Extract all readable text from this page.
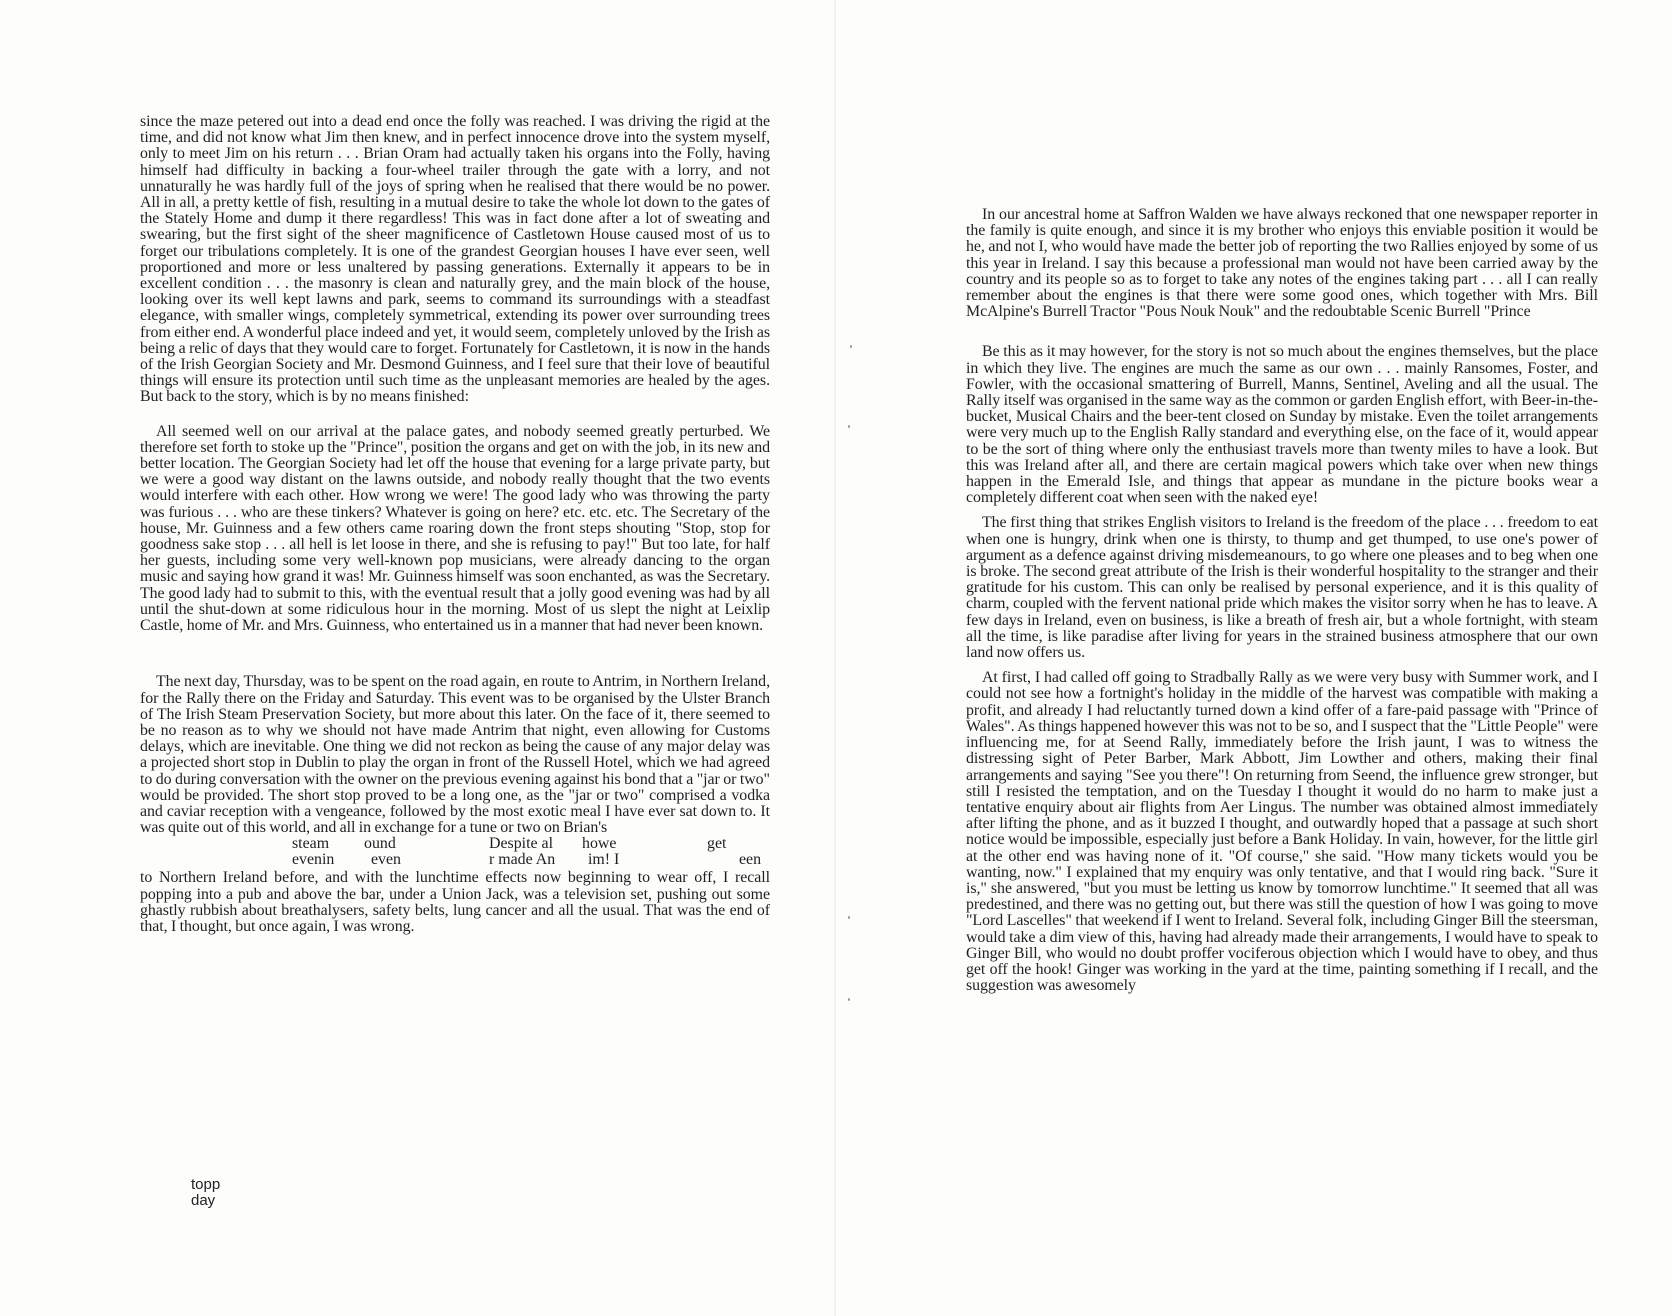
since the maze petered out into a dead end once the folly was reached. I was driving the rigid at the time, and did not know what Jim then knew, and in perfect innocence drove into the system myself, only to meet Jim on his return . . . Brian Oram had actually taken his organs into the Folly, having himself had difficulty in backing a four-wheel trailer through the gate with a lorry, and not unnaturally he was hardly full of the joys of spring when he realised that there would be no power. All in all, a pretty kettle of fish, resulting in a mutual desire to take the whole lot down to the gates of the Stately Home and dump it there regardless! This was in fact done after a lot of sweating and swearing, but the first sight of the sheer magnificence of Castletown House caused most of us to forget our tribulations completely. It is one of the grandest Georgian houses I have ever seen, well proportioned and more or less unaltered by passing generations. Externally it appears to be in excellent condition . . . the masonry is clean and naturally grey, and the main block of the house, looking over its well kept lawns and park, seems to command its surroundings with a steadfast elegance, with smaller wings, completely symmetrical, extending its power over surrounding trees from either end. A wonderful place indeed and yet, it would seem, completely unloved by the Irish as being a relic of days that they would care to forget. Fortunately for Castletown, it is now in the hands of the Irish Georgian Society and Mr. Desmond Guinness, and I feel sure that their love of beautiful things will ensure its protection until such time as the unpleasant memories are healed by the ages. But back to the story, which is by no means finished:

All seemed well on our arrival at the palace gates, and nobody seemed greatly perturbed. We therefore set forth to stoke up the "Prince", position the organs and get on with the job, in its new and better location. The Georgian Society had let off the house that evening for a large private party, but we were a good way distant on the lawns outside, and nobody really thought that the two events would interfere with each other. How wrong we were! The good lady who was throwing the party was furious . . . who are these tinkers? Whatever is going on here? etc. etc. etc. The Secretary of the house, Mr. Guinness and a few others came roaring down the front steps shouting "Stop, stop for goodness sake stop . . . all hell is let loose in there, and she is refusing to pay!" But too late, for half her guests, including some very well-known pop musicians, were already dancing to the organ music and saying how grand it was! Mr. Guinness himself was soon enchanted, as was the Secretary. The good lady had to submit to this, with the eventual result that a jolly good evening was had by all until the shut-down at some ridiculous hour in the morning. Most of us slept the night at Leixlip Castle, home of Mr. and Mrs. Guinness, who entertained us in a manner that had never been known.

The next day, Thursday, was to be spent on the road again, en route to Antrim, in Northern Ireland, for the Rally there on the Friday and Saturday. This event was to be organised by the Ulster Branch of The Irish Steam Preservation Society, but more about this later. On the face of it, there seemed to be no reason as to why we should not have made Antrim that night, even allowing for Customs delays, which are inevitable. One thing we did not reckon as being the cause of any major delay was a projected short stop in Dublin to play the organ in front of the Russell Hotel, which we had agreed to do during conversation with the owner on the previous evening against his bond that a "jar or two" would be provided. The short stop proved to be a long one, as the "jar or two" comprised a vodka and caviar reception with a vengeance, followed by the most exotic meal I have ever sat down to. It was quite out of this world, and all in exchange for a tune or two on Brian's

steam ound	Despite al howe	get
evenin even	r made An im! I	een

to Northern Ireland before, and with the lunchtime effects now beginning to wear off, I recall popping into a pub and above the bar, under a Union Jack, was a television set, pushing out some ghastly rubbish about breathalysers, safety belts, lung cancer and all the usual. That was the end of that, I thought, but once again, I was wrong.

topp
day

In our ancestral home at Saffron Walden we have always reckoned that one newspaper reporter in the family is quite enough, and since it is my brother who enjoys this enviable position it would be he, and not I, who would have made the better job of reporting the two Rallies enjoyed by some of us this year in Ireland. I say this because a professional man would not have been carried away by the country and its people so as to forget to take any notes of the engines taking part . . . all I can really remember about the engines is that there were some good ones, which together with Mrs. Bill McAlpine's Burrell Tractor "Pous Nouk Nouk" and the redoubtable Scenic Burrell "Prince

Be this as it may however, for the story is not so much about the engines themselves, but the place in which they live. The engines are much the same as our own . . . mainly Ransomes, Foster, and Fowler, with the occasional smattering of Burrell, Manns, Sentinel, Aveling and all the usual. The Rally itself was organised in the same way as the common or garden English effort, with Beer-in-the-bucket, Musical Chairs and the beer-tent closed on Sunday by mistake. Even the toilet arrangements were very much up to the English Rally standard and everything else, on the face of it, would appear to be the sort of thing where only the enthusiast travels more than twenty miles to have a look. But this was Ireland after all, and there are certain magical powers which take over when new things happen in the Emerald Isle, and things that appear as mundane in the picture books wear a completely different coat when seen with the naked eye!

The first thing that strikes English visitors to Ireland is the freedom of the place . . . freedom to eat when one is hungry, drink when one is thirsty, to thump and get thumped, to use one's power of argument as a defence against driving misdemeanours, to go where one pleases and to beg when one is broke. The second great attribute of the Irish is their wonderful hospitality to the stranger and their gratitude for his custom. This can only be realised by personal experience, and it is this quality of charm, coupled with the fervent national pride which makes the visitor sorry when he has to leave. A few days in Ireland, even on business, is like a breath of fresh air, but a whole fortnight, with steam all the time, is like paradise after living for years in the strained business atmosphere that our own land now offers us.

At first, I had called off going to Stradbally Rally as we were very busy with Summer work, and I could not see how a fortnight's holiday in the middle of the harvest was compatible with making a profit, and already I had reluctantly turned down a kind offer of a fare-paid passage with "Prince of Wales". As things happened however this was not to be so, and I suspect that the "Little People" were influencing me, for at Seend Rally, immediately before the Irish jaunt, I was to witness the distressing sight of Peter Barber, Mark Abbott, Jim Lowther and others, making their final arrangements and saying "See you there"! On returning from Seend, the influence grew stronger, but still I resisted the temptation, and on the Tuesday I thought it would do no harm to make just a tentative enquiry about air flights from Aer Lingus. The number was obtained almost immediately after lifting the phone, and as it buzzed I thought, and outwardly hoped that a passage at such short notice would be impossible, especially just before a Bank Holiday. In vain, however, for the little girl at the other end was having none of it. "Of course," she said. "How many tickets would you be wanting, now." I explained that my enquiry was only tentative, and that I would ring back. "Sure it is," she answered, "but you must be letting us know by tomorrow lunchtime." It seemed that all was predestined, and there was no getting out, but there was still the question of how I was going to move "Lord Lascelles" that weekend if I went to Ireland. Several folk, including Ginger Bill the steersman, would take a dim view of this, having had already made their arrangements, I would have to speak to Ginger Bill, who would no doubt proffer vociferous objection which I would have to obey, and thus get off the hook! Ginger was working in the yard at the time, painting something if I recall, and the suggestion was awesomely
